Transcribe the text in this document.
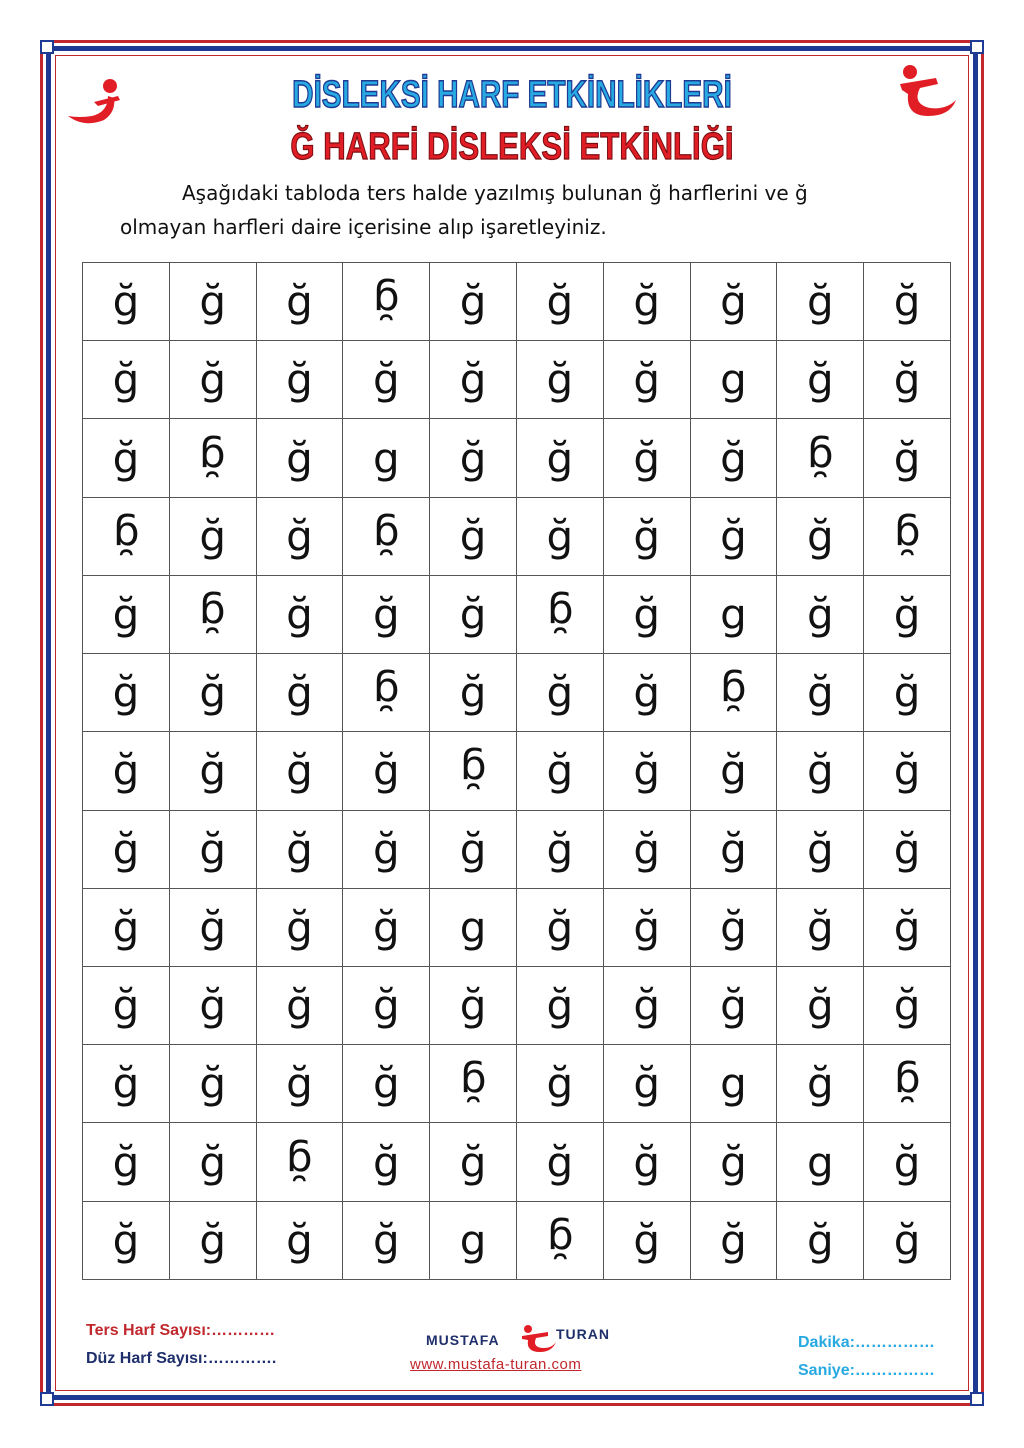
DİSLEKSİ HARF ETKİNLİKLERİ
Ğ HARFİ DİSLEKSİ ETKİNLİĞİ
Aşağıdaki tabloda ters halde yazılmış bulunan ğ harflerini ve ğ
olmayan harfleri daire içerisine alıp işaretleyiniz.
ğ	ğ	ğ	ğ	ğ	ğ	ğ	ğ	ğ	ğ
ğ	ğ	ğ	ğ	ğ	ğ	ğ	g	ğ	ğ
ğ	ğ	ğ	g	ğ	ğ	ğ	ğ	ğ	ğ
ğ	ğ	ğ	ğ	ğ	ğ	ğ	ğ	ğ	ğ
ğ	ğ	ğ	ğ	ğ	ğ	ğ	g	ğ	ğ
ğ	ğ	ğ	ğ	ğ	ğ	ğ	ğ	ğ	ğ
ğ	ğ	ğ	ğ	ğ	ğ	ğ	ğ	ğ	ğ
ğ	ğ	ğ	ğ	ğ	ğ	ğ	ğ	ğ	ğ
ğ	ğ	ğ	ğ	g	ğ	ğ	ğ	ğ	ğ
ğ	ğ	ğ	ğ	ğ	ğ	ğ	ğ	ğ	ğ
ğ	ğ	ğ	ğ	ğ	ğ	ğ	g	ğ	ğ
ğ	ğ	ğ	ğ	ğ	ğ	ğ	ğ	g	ğ
ğ	ğ	ğ	ğ	g	ğ	ğ	ğ	ğ	ğ
Ters Harf Sayısı:…………
Düz Harf Sayısı:………….
MUSTAFA	TURAN
www.mustafa-turan.com
Dakika:……………
Saniye:……………
